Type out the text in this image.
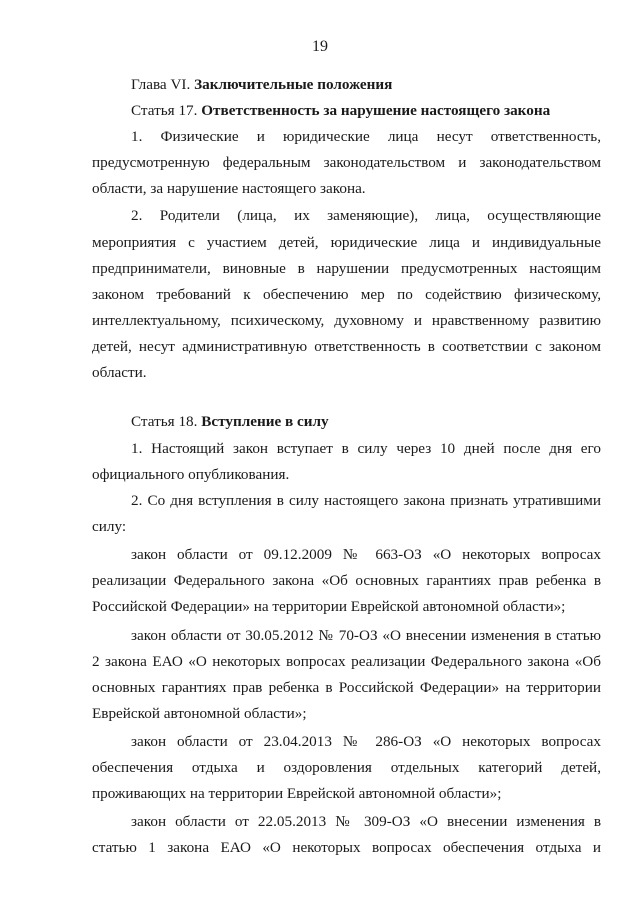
19
Глава VI. Заключительные положения
Статья 17. Ответственность за нарушение настоящего закона
1. Физические и юридические лица несут ответственность,
предусмотренную федеральным законодательством и законодательством
области, за нарушение настоящего закона.
2. Родители (лица, их заменяющие), лица, осуществляющие
мероприятия с участием детей, юридические лица и индивидуальные
предприниматели, виновные в нарушении предусмотренных настоящим
законом требований к обеспечению мер по содействию физическому,
интеллектуальному, психическому, духовному и нравственному развитию
детей, несут административную ответственность в соответствии с законом
области.
Статья 18. Вступление в силу
1. Настоящий закон вступает в силу через 10 дней после дня его
официального опубликования.
2. Со дня вступления в силу настоящего закона признать утратившими
силу:
закон области от 09.12.2009 № 663-ОЗ «О некоторых вопросах
реализации Федерального закона «Об основных гарантиях прав ребенка в
Российской Федерации» на территории Еврейской автономной области»;
закон области от 30.05.2012 № 70-ОЗ «О внесении изменения в статью
2 закона ЕАО «О некоторых вопросах реализации Федерального закона «Об
основных гарантиях прав ребенка в Российской Федерации» на территории
Еврейской автономной области»;
закон области от 23.04.2013 № 286-ОЗ «О некоторых вопросах
обеспечения отдыха и оздоровления отдельных категорий детей,
проживающих на территории Еврейской автономной области»;
закон области от 22.05.2013 № 309-ОЗ «О внесении изменения в
статью 1 закона ЕАО «О некоторых вопросах обеспечения отдыха и
